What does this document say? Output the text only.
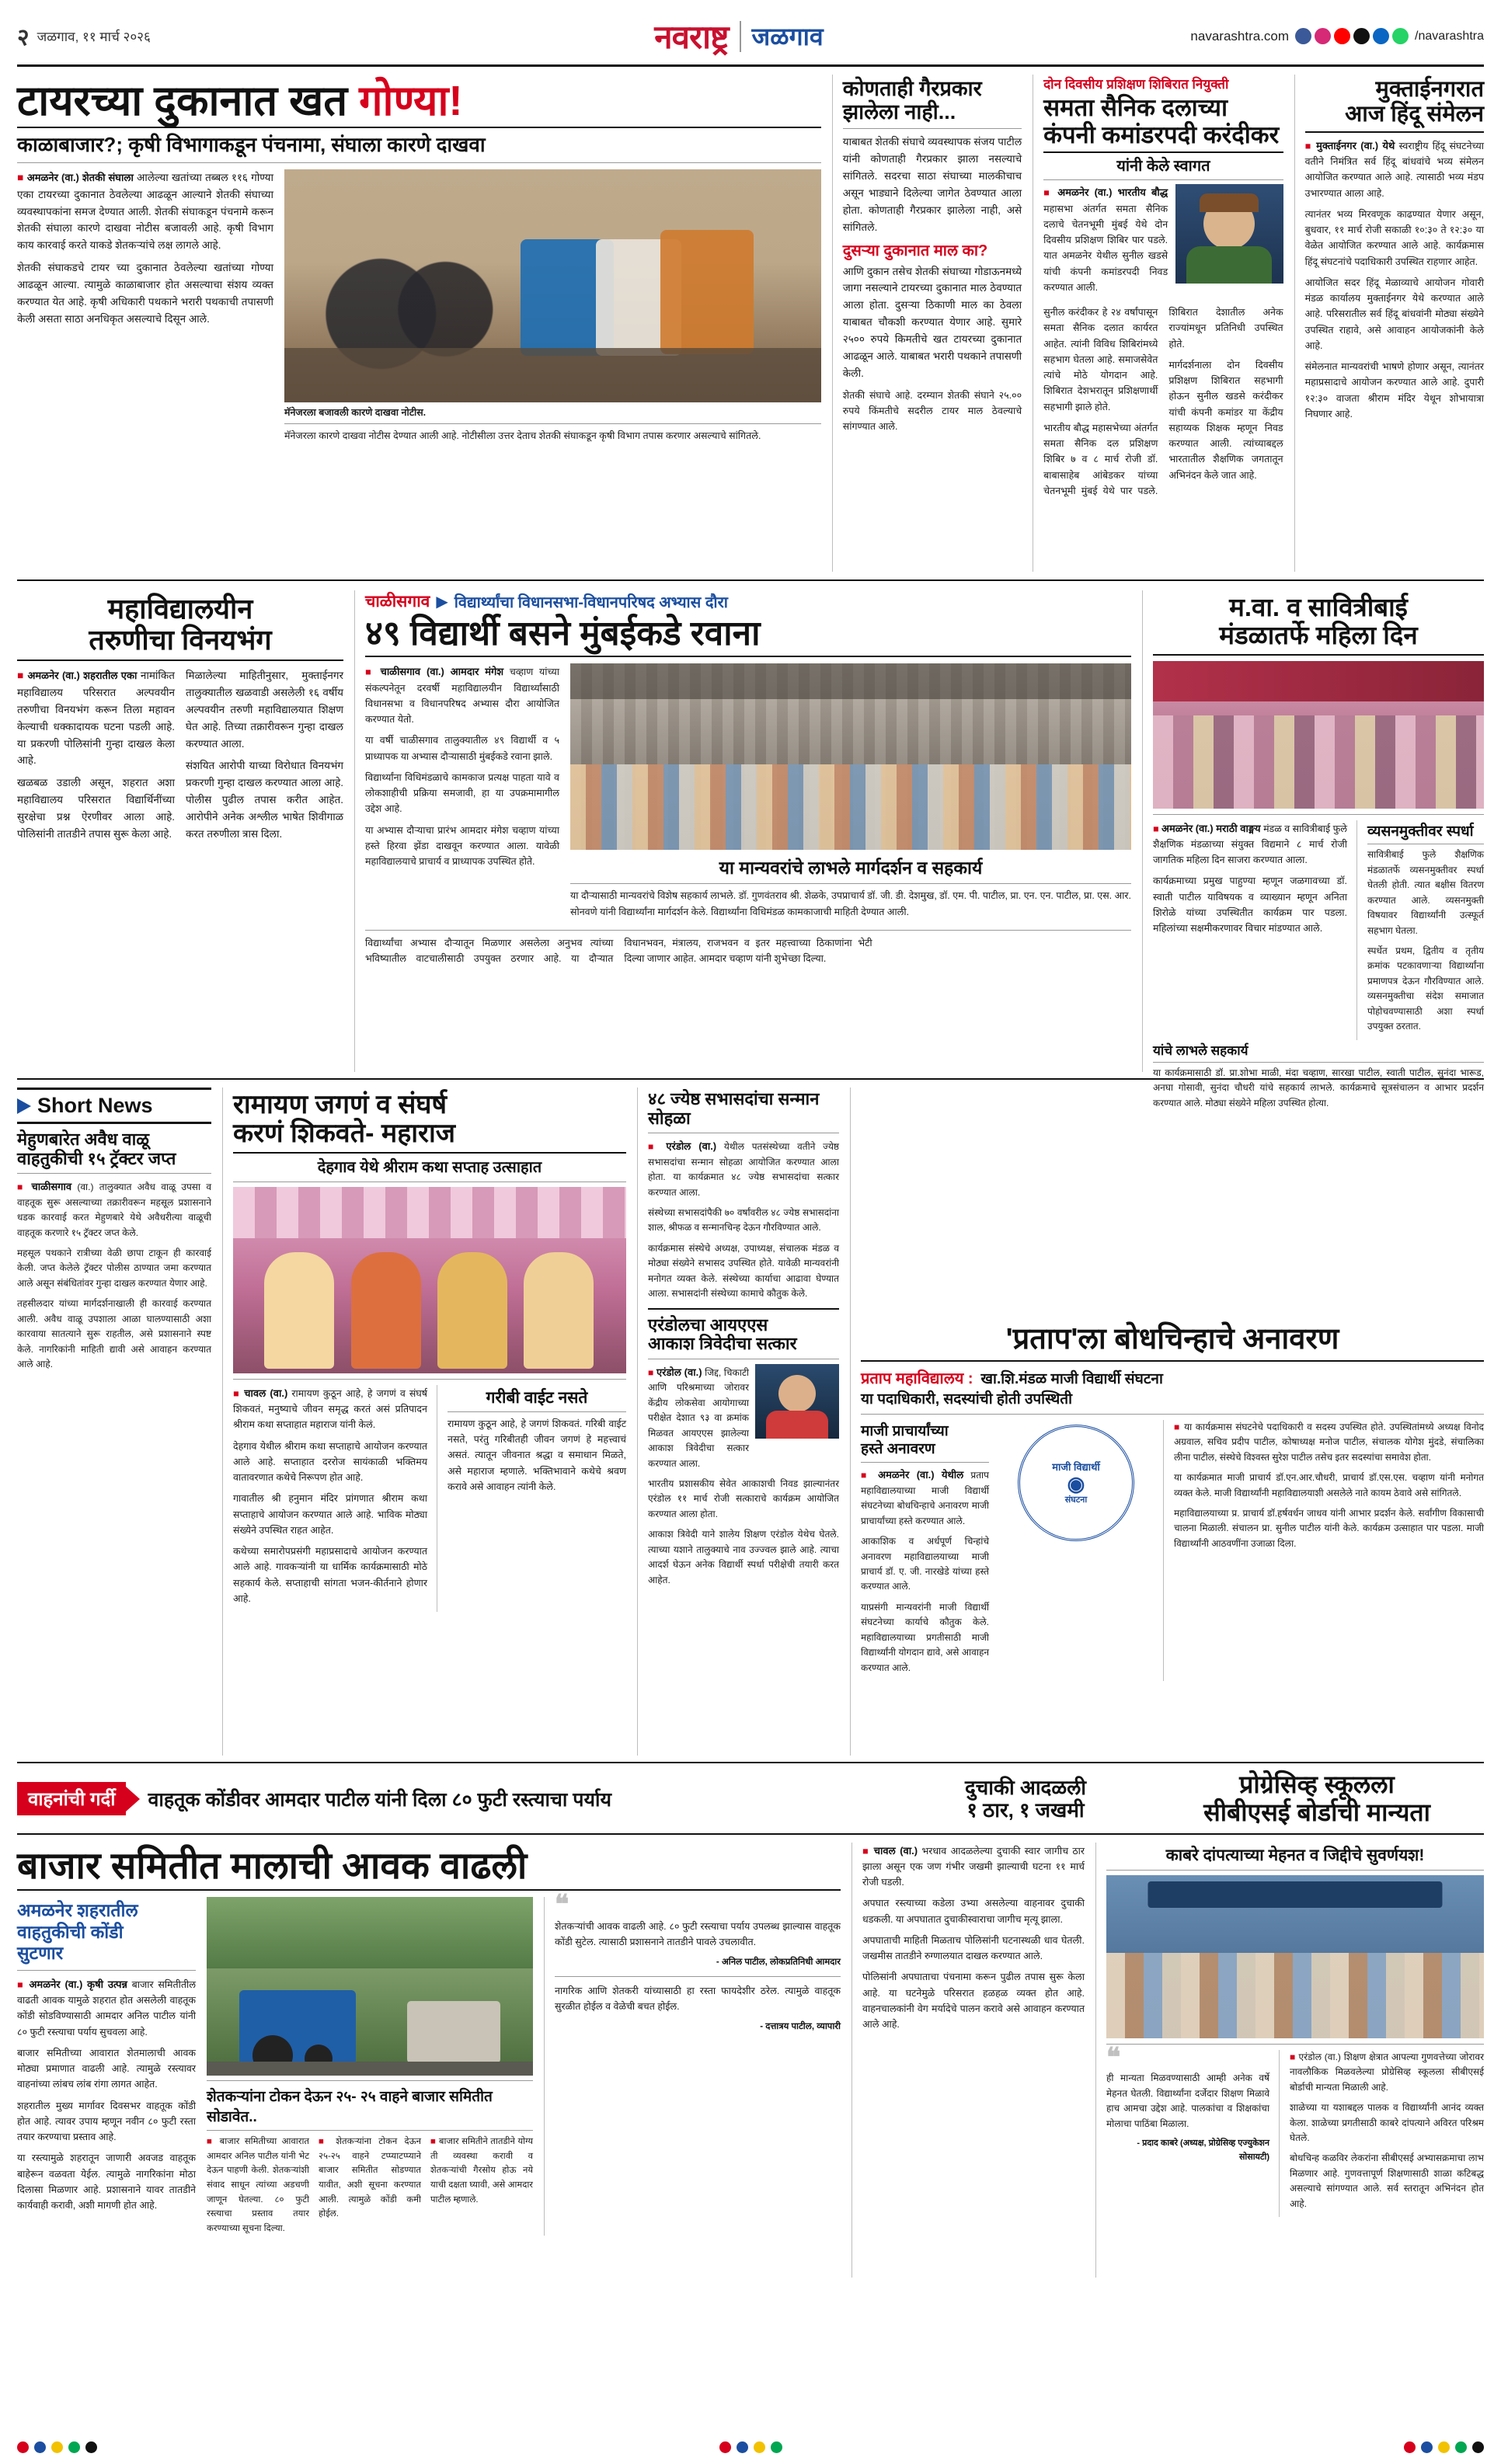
२ जळगाव, ११ मार्च २०२६	नवराष्ट्र जळगाव	navarashtra.com	/navarashtra
टायरच्या दुकानात खत गोण्या!
काळाबाजार?; कृषी विभागाकडून पंचनामा, संघाला कारणे दाखवा

■ अमळनेर (वा.) शेतकी संघाला आलेल्या खतांच्या तब्बल ११६ गोण्या एका टायरच्या दुकानात ठेवलेल्या आढळून आल्याने शेतकी संघाच्या व्यवस्थापकांना समज देण्यात आली. शेतकी संघाकडून पंचनामे करून शेतकी संघाला कारणे दाखवा नोटीस बजावली आहे. कृषी विभाग काय कारवाई करते याकडे शेतकऱ्यांचे लक्ष लागले आहे.

शेतकी संघाकडचे टायर च्या दुकानात ठेवलेल्या खतांच्या गोण्या आढळून आल्या. त्यामुळे काळाबाजार होत असल्याचा संशय व्यक्त करण्यात येत आहे. कृषी अधिकारी पथकाने भरारी पथकाची तपासणी केली असता साठा अनधिकृत असल्याचे दिसून आले.

मॅनेजरला बजावली कारणे दाखवा नोटीस.

मॅनेजरला कारणे दाखवा नोटीस देण्यात आली आहे. नोटीसीला उत्तर देताच शेतकी संघाकडून कृषी विभाग तपास करणार असल्याचे सांगितले.

कोणताही गैरप्रकार
झालेला नाही...

याबाबत शेतकी संघाचे व्यवस्थापक संजय पाटील यांनी कोणताही गैरप्रकार झाला नसल्याचे सांगितले. सदरचा साठा संघाच्या मालकीचाच असून भाड्याने दिलेल्या जागेत ठेवण्यात आला होता. कोणताही गैरप्रकार झालेला नाही, असे सांगितले.

दुसऱ्या दुकानात माल का?

आणि दुकान तसेच शेतकी संघाच्या गोडाऊनमध्ये जागा नसल्याने टायरच्या दुकानात माल ठेवण्यात आला होता. दुसऱ्या ठिकाणी माल का ठेवला याबाबत चौकशी करण्यात येणार आहे. सुमारे २५०० रुपये किमतीचे खत टायरच्या दुकानात आढळून आले. याबाबत भरारी पथकाने तपासणी केली.

शेतकी संघाचे आहे. दरम्यान शेतकी संघाने २५.०० रुपये किंमतीचे सदरील टायर माल ठेवल्याचे सांगण्यात आले.

दोन दिवसीय प्रशिक्षण शिबिरात नियुक्ती
समता सैनिक दलाच्या
कंपनी कमांडरपदी करंदीकर
यांनी केले स्वागत

■ अमळनेर (वा.) भारतीय बौद्ध महासभा अंतर्गत समता सैनिक दलाचे चेतनभूमी मुंबई येथे दोन दिवसीय प्रशिक्षण शिबिर पार पडले. यात अमळनेर येथील सुनील खडसे यांची कंपनी कमांडरपदी निवड करण्यात आली.

सुनील करंदीकर हे २४ वर्षांपासून समता सैनिक दलात कार्यरत आहेत. त्यांनी विविध शिबिरांमध्ये सहभाग घेतला आहे. समाजसेवेत त्यांचे मोठे योगदान आहे. शिबिरात देशभरातून प्रशिक्षणार्थी सहभागी झाले होते.

भारतीय बौद्ध महासभेच्या अंतर्गत समता सैनिक दल प्रशिक्षण शिबिर ७ व ८ मार्च रोजी डॉ. बाबासाहेब आंबेडकर यांच्या चेतनभूमी मुंबई येथे पार पडले. शिबिरात देशातील अनेक राज्यांमधून प्रतिनिधी उपस्थित होते.

मार्गदर्शनाला दोन दिवसीय प्रशिक्षण शिबिरात सहभागी होऊन सुनील खडसे करंदीकर यांची कंपनी कमांडर या केंद्रीय सहाय्यक शिक्षक म्हणून निवड करण्यात आली. त्यांच्याबद्दल भारतातील शैक्षणिक जगतातून अभिनंदन केले जात आहे.

मुक्ताईनगरात
आज हिंदू संमेलन

■ मुक्ताईनगर (वा.) येथे स्वराष्ट्रीय हिंदू संघटनेच्या वतीने निमंत्रित सर्व हिंदू बांधवांचे भव्य संमेलन आयोजित करण्यात आले आहे. त्यासाठी भव्य मंडप उभारण्यात आला आहे.

त्यानंतर भव्य मिरवणूक काढण्यात येणार असून, बुधवार, ११ मार्च रोजी सकाळी १०:३० ते १२:३० या वेळेत आयोजित करण्यात आले आहे. कार्यक्रमास हिंदू संघटनांचे पदाधिकारी उपस्थित राहणार आहेत.

आयोजित सदर हिंदू मेळाव्याचे आयोजन गोवारी मंडळ कार्यालय मुक्ताईनगर येथे करण्यात आले आहे. परिसरातील सर्व हिंदू बांधवांनी मोठ्या संख्येने उपस्थित राहावे, असे आवाहन आयोजकांनी केले आहे.

संमेलनात मान्यवरांची भाषणे होणार असून, त्यानंतर महाप्रसादाचे आयोजन करण्यात आले आहे. दुपारी १२:३० वाजता श्रीराम मंदिर येथून शोभायात्रा निघणार आहे.

महाविद्यालयीन
तरुणीचा विनयभंग

■ अमळनेर (वा.) शहरातील एका नामांकित महाविद्यालय परिसरात अल्पवयीन तरुणीचा विनयभंग करून तिला महावन केल्याची धक्कादायक घटना पडली आहे. या प्रकरणी पोलिसांनी गुन्हा दाखल केला आहे.

खळबळ उडाली असून, शहरात अशा महाविद्यालय परिसरात विद्यार्थिनींच्या सुरक्षेचा प्रश्न ऐरणीवर आला आहे. पोलिसांनी तातडीने तपास सुरू केला आहे.

मिळालेल्या माहितीनुसार, मुक्ताईनगर तालुक्यातील खळवाडी असलेली १६ वर्षीय अल्पवयीन तरुणी महाविद्यालयात शिक्षण घेत आहे. तिच्या तक्रारीवरून गुन्हा दाखल करण्यात आला.

संशयित आरोपी याच्या विरोधात विनयभंग प्रकरणी गुन्हा दाखल करण्यात आला आहे. पोलीस पुढील तपास करीत आहेत. आरोपीने अनेक अश्लील भाषेत शिवीगाळ करत तरुणीला त्रास दिला.

चाळीसगाव ▶ विद्यार्थ्यांचा विधानसभा-विधानपरिषद अभ्यास दौरा
४९ विद्यार्थी बसने मुंबईकडे रवाना

■ चाळीसगाव (वा.) आमदार मंगेश चव्हाण यांच्या संकल्पनेतून दरवर्षी महाविद्यालयीन विद्यार्थ्यांसाठी विधानसभा व विधानपरिषद अभ्यास दौरा आयोजित करण्यात येतो.

या वर्षी चाळीसगाव तालुक्यातील ४९ विद्यार्थी व ५ प्राध्यापक या अभ्यास दौऱ्यासाठी मुंबईकडे रवाना झाले.

विद्यार्थ्यांना विधिमंडळाचे कामकाज प्रत्यक्ष पाहता यावे व लोकशाहीची प्रक्रिया समजावी, हा या उपक्रमामागील उद्देश आहे.

या अभ्यास दौऱ्याचा प्रारंभ आमदार मंगेश चव्हाण यांच्या हस्ते हिरवा झेंडा दाखवून करण्यात आला. यावेळी महाविद्यालयाचे प्राचार्य व प्राध्यापक उपस्थित होते.	या मान्यवरांचे लाभले मार्गदर्शन व सहकार्य

या दौऱ्यासाठी मान्यवरांचे विशेष सहकार्य लाभले. डॉ. गुणवंतराव श्री. शेळके, उपप्राचार्य डॉ. जी. डी. देशमुख, डॉ. एम. पी. पाटील, प्रा. एन. एन. पाटील, प्रा. एस. आर. सोनवणे यांनी विद्यार्थ्यांना मार्गदर्शन केले. विद्यार्थ्यांना विधिमंडळ कामकाजाची माहिती देण्यात आली.

विद्यार्थ्यांचा अभ्यास दौऱ्यातून मिळणार असलेला अनुभव त्यांच्या भविष्यातील वाटचालीसाठी उपयुक्त ठरणार आहे. या दौऱ्यात विधानभवन, मंत्रालय, राजभवन व इतर महत्त्वाच्या ठिकाणांना भेटी दिल्या जाणार आहेत. आमदार चव्हाण यांनी शुभेच्छा दिल्या.

म.वा. व सावित्रीबाई
मंडळातर्फे महिला दिन

■ अमळनेर (वा.) मराठी वाङ्मय मंडळ व सावित्रीबाई फुले शैक्षणिक मंडळाच्या संयुक्त विद्यमाने ८ मार्च रोजी जागतिक महिला दिन साजरा करण्यात आला.

कार्यक्रमाच्या प्रमुख पाहुण्या म्हणून जळगावच्या डॉ. स्वाती पाटील याविषयक व व्याख्यान म्हणून अनिता शिरोळे यांच्या उपस्थितीत कार्यक्रम पार पडला. महिलांच्या सक्षमीकरणावर विचार मांडण्यात आले.

व्यसनमुक्तीवर स्पर्धा

सावित्रीबाई फुले शैक्षणिक मंडळातर्फे व्यसनमुक्तीवर स्पर्धा घेतली होती. त्यात बक्षीस वितरण करण्यात आले. व्यसनमुक्ती विषयावर विद्यार्थ्यांनी उत्स्फूर्त सहभाग घेतला.

स्पर्धेत प्रथम, द्वितीय व तृतीय क्रमांक पटकावणाऱ्या विद्यार्थ्यांना प्रमाणपत्र देऊन गौरविण्यात आले. व्यसनमुक्तीचा संदेश समाजात पोहोचवण्यासाठी अशा स्पर्धा उपयुक्त ठरतात.

यांचे लाभले सहकार्य

या कार्यक्रमासाठी डॉ. प्रा.शोभा माळी, मंदा चव्हाण, सारखा पाटील, स्वाती पाटील, सुनंदा भारूड, अनघा गोसावी, सुनंदा चौधरी यांचे सहकार्य लाभले. कार्यक्रमाचे सूत्रसंचालन व आभार प्रदर्शन करण्यात आले. मोठ्या संख्येने महिला उपस्थित होत्या.

Short News
मेहुणबारेत अवैध वाळू
वाहतुकीची १५ ट्रॅक्टर जप्त

■ चाळीसगाव (वा.) तालुक्यात अवैध वाळू उपसा व वाहतूक सुरू असल्याच्या तक्रारीवरून महसूल प्रशासनाने धडक कारवाई करत मेहुणबारे येथे अवैधरीत्या वाळूची वाहतूक करणारे १५ ट्रॅक्टर जप्त केले.

महसूल पथकाने रात्रीच्या वेळी छापा टाकून ही कारवाई केली. जप्त केलेले ट्रॅक्टर पोलीस ठाण्यात जमा करण्यात आले असून संबंधितांवर गुन्हा दाखल करण्यात येणार आहे.

तहसीलदार यांच्या मार्गदर्शनाखाली ही कारवाई करण्यात आली. अवैध वाळू उपशाला आळा घालण्यासाठी अशा कारवाया सातत्याने सुरू राहतील, असे प्रशासनाने स्पष्ट केले. नागरिकांनी माहिती द्यावी असे आवाहन करण्यात आले आहे.

रामायण जगणं व संघर्ष
करणं शिकवते- महाराज
देहगाव येथे श्रीराम कथा सप्ताह उत्साहात

■ चावल (वा.) रामायण कुठून आहे, हे जगणं व संघर्ष शिकवतं, मनुष्याचे जीवन समृद्ध करतं असं प्रतिपादन श्रीराम कथा सप्ताहात महाराज यांनी केलं.

देहगाव येथील श्रीराम कथा सप्ताहाचे आयोजन करण्यात आले आहे. सप्ताहात दररोज सायंकाळी भक्तिमय वातावरणात कथेचे निरूपण होत आहे.

गावातील श्री हनुमान मंदिर प्रांगणात श्रीराम कथा सप्ताहाचे आयोजन करण्यात आले आहे. भाविक मोठ्या संख्येने उपस्थित राहत आहेत.

कथेच्या समारोपप्रसंगी महाप्रसादाचे आयोजन करण्यात आले आहे. गावकऱ्यांनी या धार्मिक कार्यक्रमासाठी मोठे सहकार्य केले. सप्ताहाची सांगता भजन-कीर्तनाने होणार आहे.

गरीबी वाईट नसते

रामायण कुठून आहे, हे जगणं शिकवतं. गरिबी वाईट नसते, परंतु गरिबीतही जीवन जगणं हे महत्त्वाचं असतं. त्यातून जीवनात श्रद्धा व समाधान मिळते, असे महाराज म्हणाले. भक्तिभावाने कथेचे श्रवण करावे असे आवाहन त्यांनी केले.

४८ ज्येष्ठ सभासदांचा सन्मान सोहळा

■ एरंडोल (वा.) येथील पतसंस्थेच्या वतीने ज्येष्ठ सभासदांचा सन्मान सोहळा आयोजित करण्यात आला होता. या कार्यक्रमात ४८ ज्येष्ठ सभासदांचा सत्कार करण्यात आला.

संस्थेच्या सभासदांपैकी ७० वर्षांवरील ४८ ज्येष्ठ सभासदांना शाल, श्रीफळ व सन्मानचिन्ह देऊन गौरविण्यात आले.

कार्यक्रमास संस्थेचे अध्यक्ष, उपाध्यक्ष, संचालक मंडळ व मोठ्या संख्येने सभासद उपस्थित होते. यावेळी मान्यवरांनी मनोगत व्यक्त केले. संस्थेच्या कार्याचा आढावा घेण्यात आला. सभासदांनी संस्थेच्या कामाचे कौतुक केले.

एरंडोलचा आयएएस
आकाश त्रिवेदीचा सत्कार

■ एरंडोल (वा.) जिद्द, चिकाटी आणि परिश्रमाच्या जोरावर केंद्रीय लोकसेवा आयोगाच्या परीक्षेत देशात ९३ वा क्रमांक मिळवत आयएएस झालेल्या आकाश त्रिवेदीचा सत्कार करण्यात आला.

भारतीय प्रशासकीय सेवेत आकाशची निवड झाल्यानंतर एरंडोल ११ मार्च रोजी सत्काराचे कार्यक्रम आयोजित करण्यात आला होता.

आकाश त्रिवेदी याने शालेय शिक्षण एरंडोल येथेच घेतले. त्याच्या यशाने तालुक्याचे नाव उज्ज्वल झाले आहे. त्याचा आदर्श घेऊन अनेक विद्यार्थी स्पर्धा परीक्षेची तयारी करत आहेत.

'प्रताप'ला बोधचिन्हाचे अनावरण
प्रताप महाविद्यालय : खा.शि.मंडळ माजी विद्यार्थी संघटना
या पदाधिकारी, सदस्यांची होती उपस्थिती
माजी प्राचार्यांच्या
हस्ते अनावरण

■ अमळनेर (वा.) येथील प्रताप महाविद्यालयाच्या माजी विद्यार्थी संघटनेच्या बोधचिन्हाचे अनावरण माजी प्राचार्यांच्या हस्ते करण्यात आले.

आकाशिक व अर्धपूर्ण चिन्हांचे अनावरण महाविद्यालयाच्या माजी प्राचार्य डॉ. ए. जी. नारखेडे यांच्या हस्ते करण्यात आले.

याप्रसंगी मान्यवरांनी माजी विद्यार्थी संघटनेच्या कार्याचे कौतुक केले. महाविद्यालयाच्या प्रगतीसाठी माजी विद्यार्थ्यांनी योगदान द्यावे, असे आवाहन करण्यात आले.

माजी विद्यार्थी
◉
संघटना

■ या कार्यक्रमास संघटनेचे पदाधिकारी व सदस्य उपस्थित होते. उपस्थितांमध्ये अध्यक्ष विनोद अग्रवाल, सचिव प्रदीप पाटील, कोषाध्यक्ष मनोज पाटील, संचालक योगेश मुंदडे, संचालिका लीना पाटील, संस्थेचे विश्वस्त सुरेश पाटील तसेच इतर सदस्यांचा समावेश होता.

या कार्यक्रमात माजी प्राचार्य डॉ.एन.आर.चौधरी, प्राचार्य डॉ.एस.एस. चव्हाण यांनी मनोगत व्यक्त केले. माजी विद्यार्थ्यांनी महाविद्यालयाशी असलेले नाते कायम ठेवावे असे सांगितले.

महाविद्यालयाच्या प्र. प्राचार्य डॉ.हर्षवर्धन जाधव यांनी आभार प्रदर्शन केले. सर्वांगीण विकासाची चालना मिळाली. संचालन प्रा. सुनील पाटील यांनी केले. कार्यक्रम उत्साहात पार पडला. माजी विद्यार्थ्यांनी आठवणींना उजाळा दिला.

वाहनांची गर्दी	वाहतूक कोंडीवर आमदार पाटील यांनी दिला ८० फुटी रस्त्याचा पर्याय
दुचाकी आदळली
१ ठार, १ जखमी
प्रोग्रेसिव्ह स्कूलला
सीबीएसई बोर्डाची मान्यता
बाजार समितीत मालाची आवक वाढली
अमळनेर शहरातील
वाहतुकीची कोंडी
सुटणार

■ अमळनेर (वा.) कृषी उत्पन्न बाजार समितीतील वाढती आवक यामुळे शहरात होत असलेली वाहतूक कोंडी सोडविण्यासाठी आमदार अनिल पाटील यांनी ८० फुटी रस्त्याचा पर्याय सुचवला आहे.

बाजार समितीच्या आवारात शेतमालाची आवक मोठ्या प्रमाणात वाढली आहे. त्यामुळे रस्त्यावर वाहनांच्या लांबच लांब रांगा लागत आहेत.

शहरातील मुख्य मार्गावर दिवसभर वाहतूक कोंडी होत आहे. त्यावर उपाय म्हणून नवीन ८० फुटी रस्ता तयार करण्याचा प्रस्ताव आहे.

या रस्त्यामुळे शहरातून जाणारी अवजड वाहतूक बाहेरून वळवता येईल. त्यामुळे नागरिकांना मोठा दिलासा मिळणार आहे. प्रशासनाने यावर तातडीने कार्यवाही करावी, अशी मागणी होत आहे.

शेतकऱ्यांना टोकन देऊन २५- २५ वाहने बाजार समितीत सोडावेत..

■ बाजार समितीच्या आवारात आमदार अनिल पाटील यांनी भेट देऊन पाहणी केली. शेतकऱ्यांशी संवाद साधून त्यांच्या अडचणी जाणून घेतल्या. ८० फुटी रस्त्याचा प्रस्ताव तयार करण्याच्या सूचना दिल्या.

■ शेतकऱ्यांना टोकन देऊन २५-२५ वाहने टप्प्याटप्प्याने बाजार समितीत सोडण्यात यावीत, अशी सूचना करण्यात आली. त्यामुळे कोंडी कमी होईल.

■ बाजार समितीने तातडीने योग्य ती व्यवस्था करावी व शेतकऱ्यांची गैरसोय होऊ नये याची दक्षता घ्यावी, असे आमदार पाटील म्हणाले.

❝

शेतकऱ्यांची आवक वाढली आहे. ८० फुटी रस्त्याचा पर्याय उपलब्ध झाल्यास वाहतूक कोंडी सुटेल. त्यासाठी प्रशासनाने तातडीने पावले उचलावीत.

- अनिल पाटील, लोकप्रतिनिधी आमदार

नागरिक आणि शेतकरी यांच्यासाठी हा रस्ता फायदेशीर ठरेल. त्यामुळे वाहतूक सुरळीत होईल व वेळेची बचत होईल.

- दत्तात्रय पाटील, व्यापारी

■ चावल (वा.) भरधाव आदळलेल्या दुचाकी स्वार जागीच ठार झाला असून एक जण गंभीर जखमी झाल्याची घटना ११ मार्च रोजी घडली.

अपघात रस्त्याच्या कडेला उभ्या असलेल्या वाहनावर दुचाकी धडकली. या अपघातात दुचाकीस्वाराचा जागीच मृत्यू झाला.

अपघाताची माहिती मिळताच पोलिसांनी घटनास्थळी धाव घेतली. जखमीस तातडीने रुग्णालयात दाखल करण्यात आले.

पोलिसांनी अपघाताचा पंचनामा करून पुढील तपास सुरू केला आहे. या घटनेमुळे परिसरात हळहळ व्यक्त होत आहे. वाहनचालकांनी वेग मर्यादेचे पालन करावे असे आवाहन करण्यात आले आहे.

काबरे दांपत्याच्या मेहनत व जिद्दीचे सुवर्णयश!
❝

ही मान्यता मिळवण्यासाठी आम्ही अनेक वर्षे मेहनत घेतली. विद्यार्थ्यांना दर्जेदार शिक्षण मिळावे हाच आमचा उद्देश आहे. पालकांचा व शिक्षकांचा मोलाचा पाठिंबा मिळाला.

- प्रदाद काबरे (अध्यक्ष, प्रोग्रेसिव्ह एज्युकेशन सोसायटी)

■ एरंडोल (वा.) शिक्षण क्षेत्रात आपल्या गुणवत्तेच्या जोरावर नावलौकिक मिळवलेल्या प्रोग्रेसिव्ह स्कूलला सीबीएसई बोर्डाची मान्यता मिळाली आहे.

शाळेच्या या यशाबद्दल पालक व विद्यार्थ्यांनी आनंद व्यक्त केला. शाळेच्या प्रगतीसाठी काबरे दांपत्याने अविरत परिश्रम घेतले.

बोधचिन्ह कळविर लेकरांना सीबीएसई अभ्यासक्रमाचा लाभ मिळणार आहे. गुणवत्तापूर्ण शिक्षणासाठी शाळा कटिबद्ध असल्याचे सांगण्यात आले. सर्व स्तरातून अभिनंदन होत आहे.
